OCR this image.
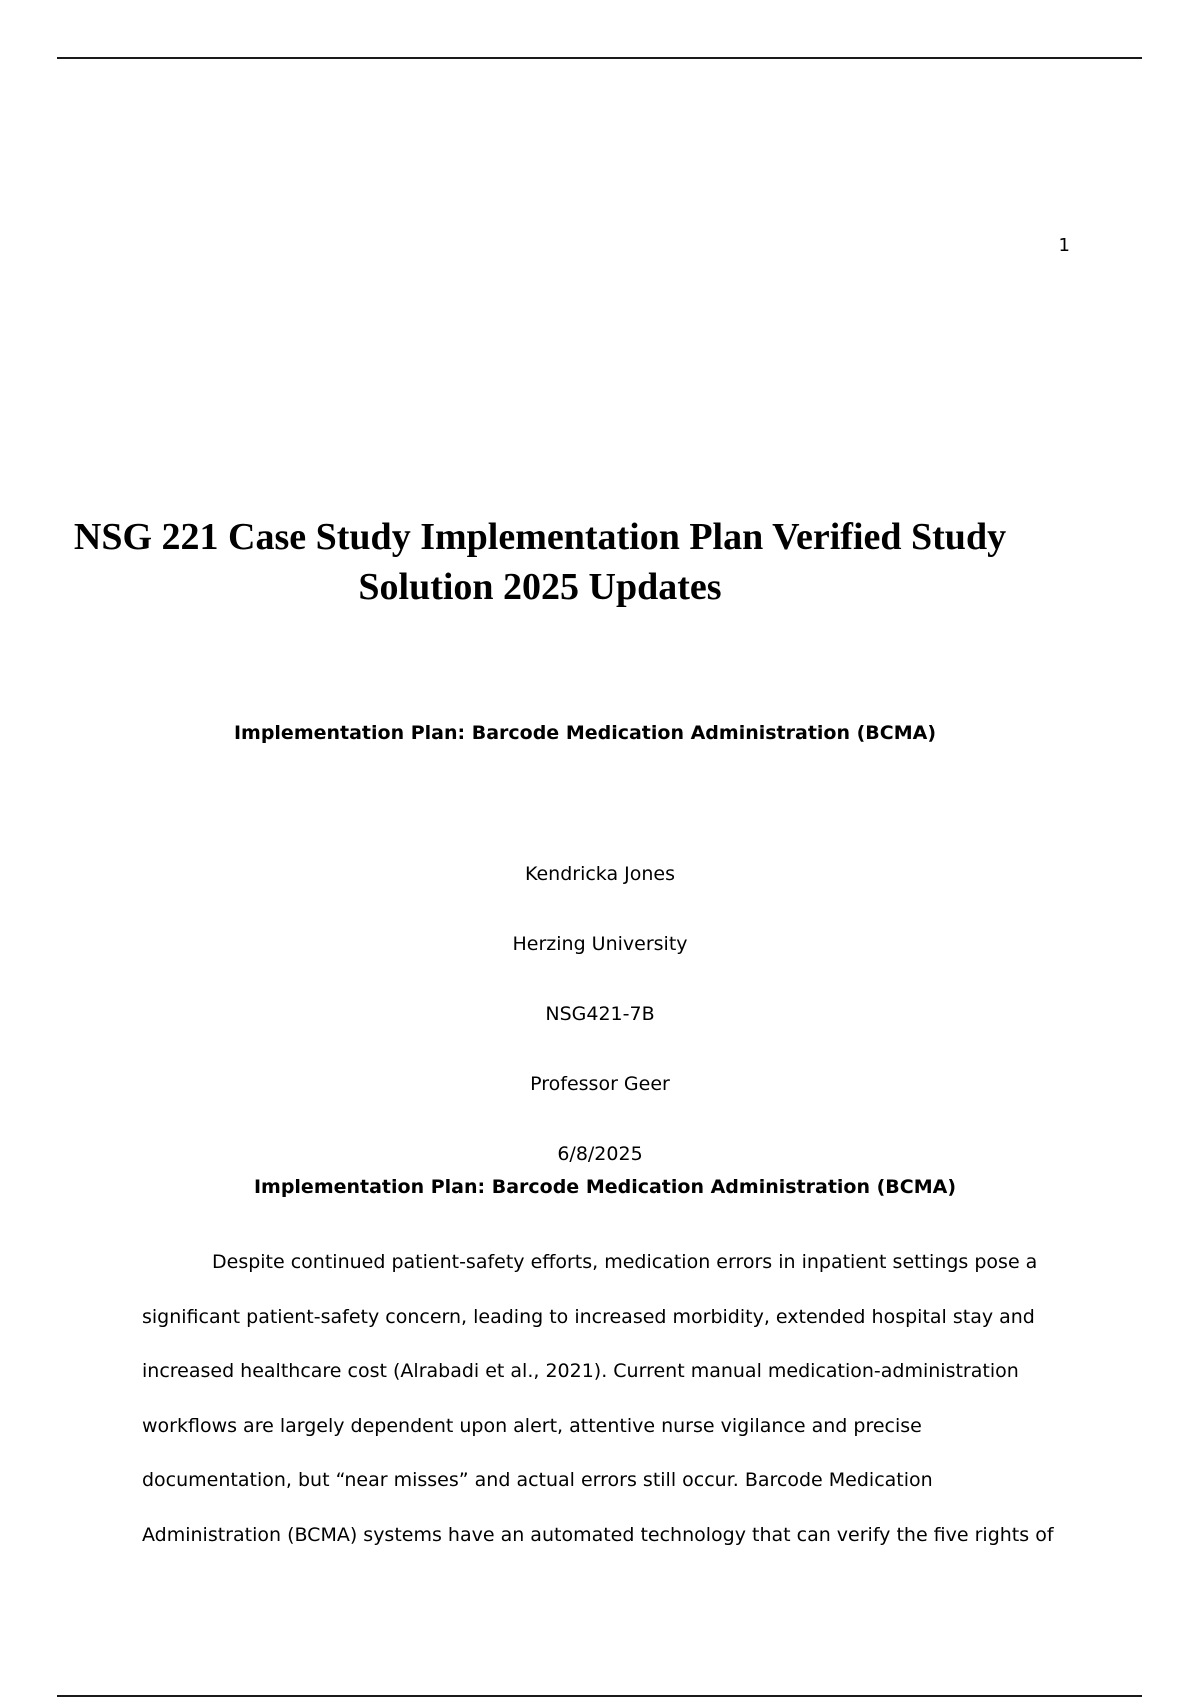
1
NSG 221 Case Study Implementation Plan Verified Study
Solution 2025 Updates
Implementation Plan: Barcode Medication Administration (BCMA)
Kendricka Jones
Herzing University
NSG421-7B
Professor Geer
6/8/2025
Implementation Plan: Barcode Medication Administration (BCMA)
Despite continued patient-safety efforts, medication errors in inpatient settings pose a
significant patient-safety concern, leading to increased morbidity, extended hospital stay and
increased healthcare cost (Alrabadi et al., 2021). Current manual medication-administration
workflows are largely dependent upon alert, attentive nurse vigilance and precise
documentation, but “near misses” and actual errors still occur. Barcode Medication
Administration (BCMA) systems have an automated technology that can verify the five rights of
